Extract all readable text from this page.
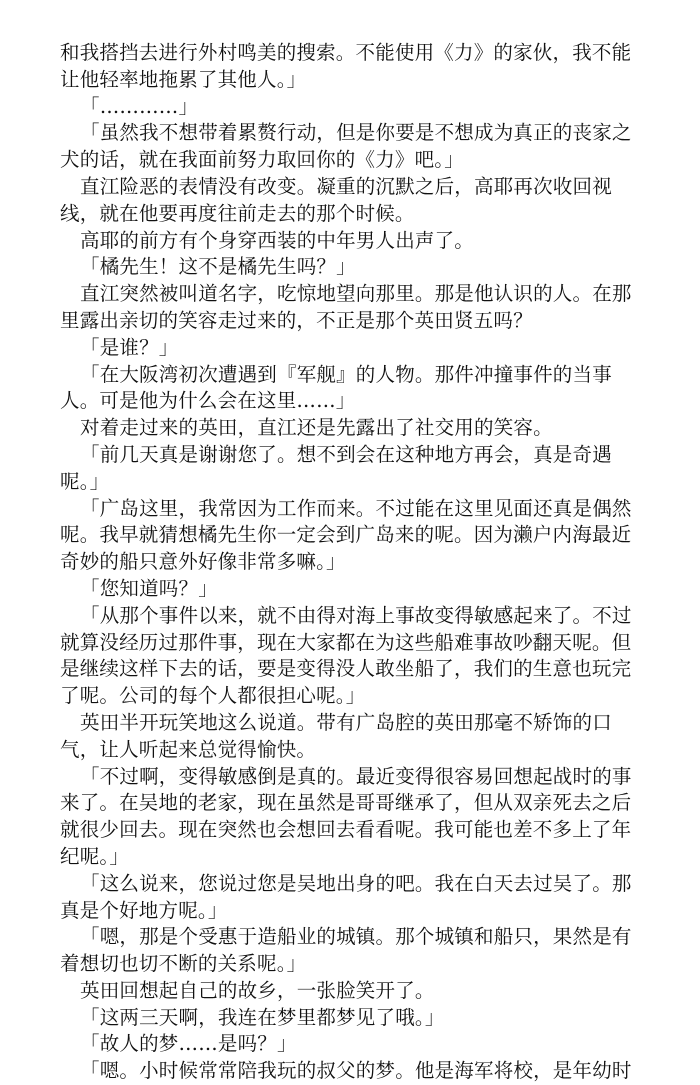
和我搭挡去进行外村鸣美的搜索。不能使用《力》的家伙，我不能
让他轻率地拖累了其他人。」
「…………」
「虽然我不想带着累赘行动，但是你要是不想成为真正的丧家之
犬的话，就在我面前努力取回你的《力》吧。」
直江险恶的表情没有改变。凝重的沉默之后，高耶再次收回视
线，就在他要再度往前走去的那个时候。
高耶的前方有个身穿西装的中年男人出声了。
「橘先生！这不是橘先生吗？」
直江突然被叫道名字，吃惊地望向那里。那是他认识的人。在那
里露出亲切的笑容走过来的，不正是那个英田贤五吗？
「是谁？」
「在大阪湾初次遭遇到『军舰』的人物。那件冲撞事件的当事
人。可是他为什么会在这里……」
对着走过来的英田，直江还是先露出了社交用的笑容。
「前几天真是谢谢您了。想不到会在这种地方再会，真是奇遇
呢。」
「广岛这里，我常因为工作而来。不过能在这里见面还真是偶然
呢。我早就猜想橘先生你一定会到广岛来的呢。因为濑户内海最近
奇妙的船只意外好像非常多嘛。」
「您知道吗？」
「从那个事件以来，就不由得对海上事故变得敏感起来了。不过
就算没经历过那件事，现在大家都在为这些船难事故吵翻天呢。但
是继续这样下去的话，要是变得没人敢坐船了，我们的生意也玩完
了呢。公司的每个人都很担心呢。」
英田半开玩笑地这么说道。带有广岛腔的英田那毫不矫饰的口
气，让人听起来总觉得愉快。
「不过啊，变得敏感倒是真的。最近变得很容易回想起战时的事
来了。在吴地的老家，现在虽然是哥哥继承了，但从双亲死去之后
就很少回去。现在突然也会想回去看看呢。我可能也差不多上了年
纪呢。」
「这么说来，您说过您是吴地出身的吧。我在白天去过吴了。那
真是个好地方呢。」
「嗯，那是个受惠于造船业的城镇。那个城镇和船只，果然是有
着想切也切不断的关系呢。」
英田回想起自己的故乡，一张脸笑开了。
「这两三天啊，我连在梦里都梦见了哦。」
「故人的梦……是吗？」
「嗯。小时候常常陪我玩的叔父的梦。他是海军将校，是年幼时
